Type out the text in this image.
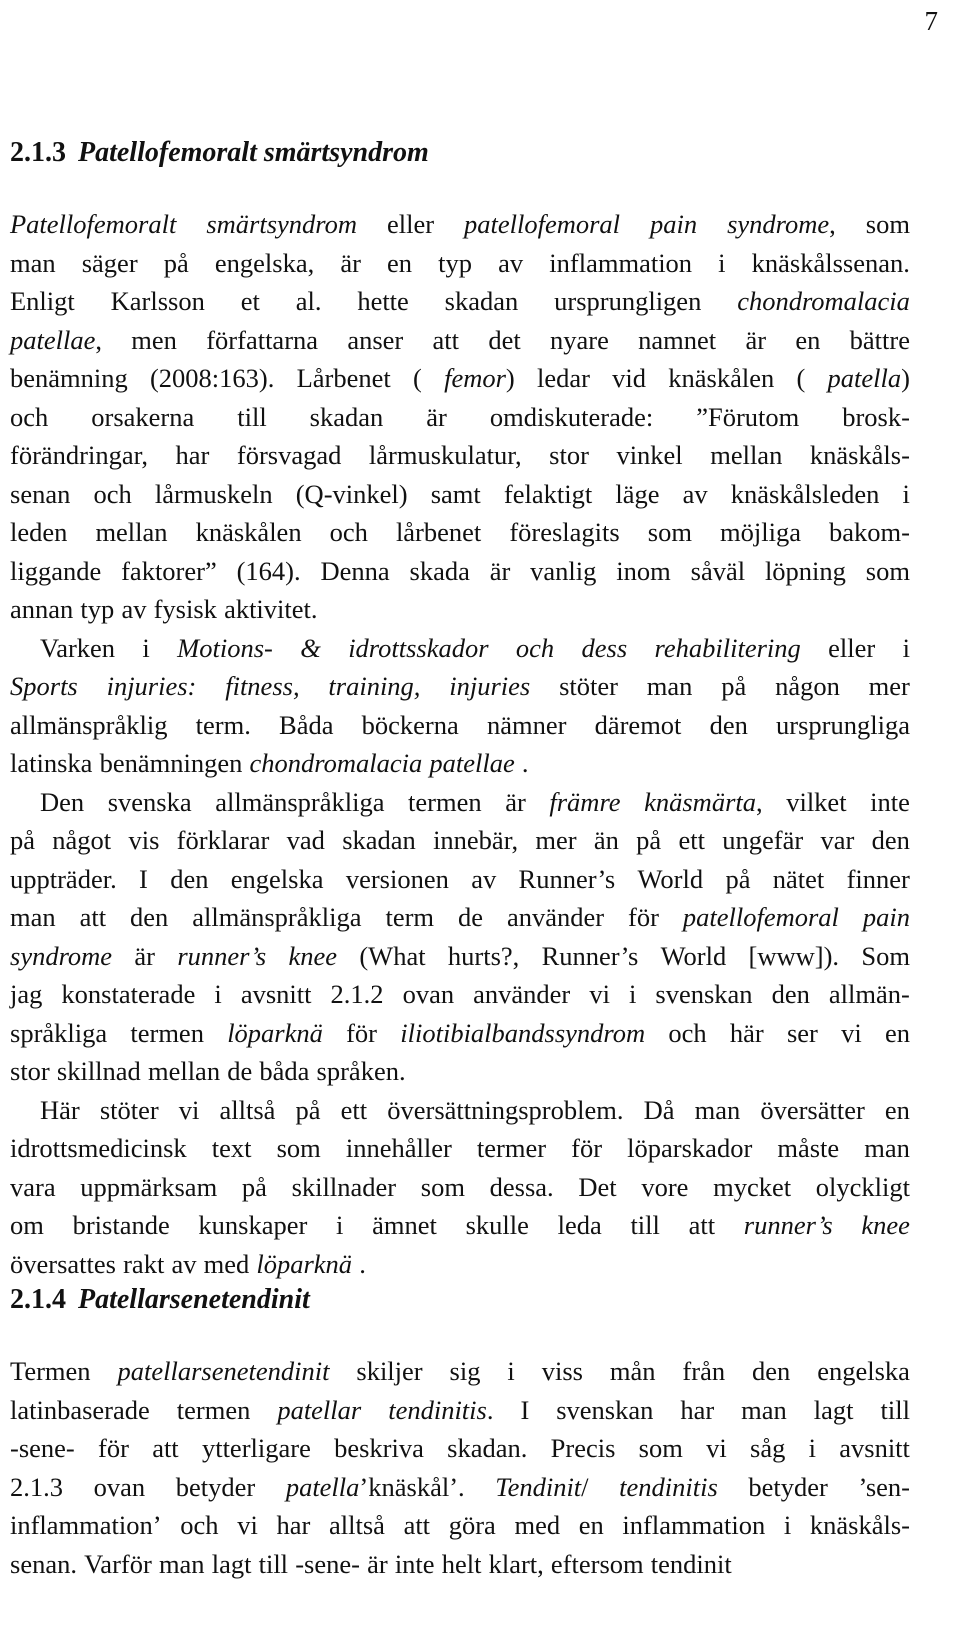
7
2.1.3 Patellofemoralt smärtsyndrom
Patellofemoralt smärtsyndrom eller patellofemoral pain syndrome, som
man säger på engelska, är en typ av inflammation i knäskålssenan.
Enligt Karlsson et al. hette skadan ursprungligen chondromalacia
patellae, men författarna anser att det nyare namnet är en bättre
benämning (2008:163). Lårbenet ( femor) ledar vid knäskålen ( patella)
och orsakerna till skadan är omdiskuterade: ”Förutom brosk-
förändringar, har försvagad lårmuskulatur, stor vinkel mellan knäskåls-
senan och lårmuskeln (Q-vinkel) samt felaktigt läge av knäskålsleden i
leden mellan knäskålen och lårbenet föreslagits som möjliga bakom-
liggande faktorer” (164). Denna skada är vanlig inom såväl löpning som
annan typ av fysisk aktivitet.
Varken i Motions- & idrottsskador och dess rehabilitering eller i
Sports injuries: fitness, training, injuries stöter man på någon mer
allmänspråklig term. Båda böckerna nämner däremot den ursprungliga
latinska benämningen chondromalacia patellae .
Den svenska allmänspråkliga termen är främre knäsmärta, vilket inte
på något vis förklarar vad skadan innebär, mer än på ett ungefär var den
uppträder. I den engelska versionen av Runner’s World på nätet finner
man att den allmänspråkliga term de använder för patellofemoral pain
syndrome är runner’s knee (What hurts?, Runner’s World [www]). Som
jag konstaterade i avsnitt 2.1.2 ovan använder vi i svenskan den allmän-
språkliga termen löparknä för iliotibialbandssyndrom och här ser vi en
stor skillnad mellan de båda språken.
Här stöter vi alltså på ett översättningsproblem. Då man översätter en
idrottsmedicinsk text som innehåller termer för löparskador måste man
vara uppmärksam på skillnader som dessa. Det vore mycket olyckligt
om bristande kunskaper i ämnet skulle leda till att runner’s knee
översattes rakt av med löparknä .
2.1.4 Patellarsenetendinit
Termen patellarsenetendinit skiljer sig i viss mån från den engelska
latinbaserade termen patellar tendinitis. I svenskan har man lagt till
-sene- för att ytterligare beskriva skadan. Precis som vi såg i avsnitt
2.1.3 ovan betyder patella’knäskål’. Tendinit/ tendinitis betyder ’sen-
inflammation’ och vi har alltså att göra med en inflammation i knäskåls-
senan. Varför man lagt till -sene- är inte helt klart, eftersom tendinit
